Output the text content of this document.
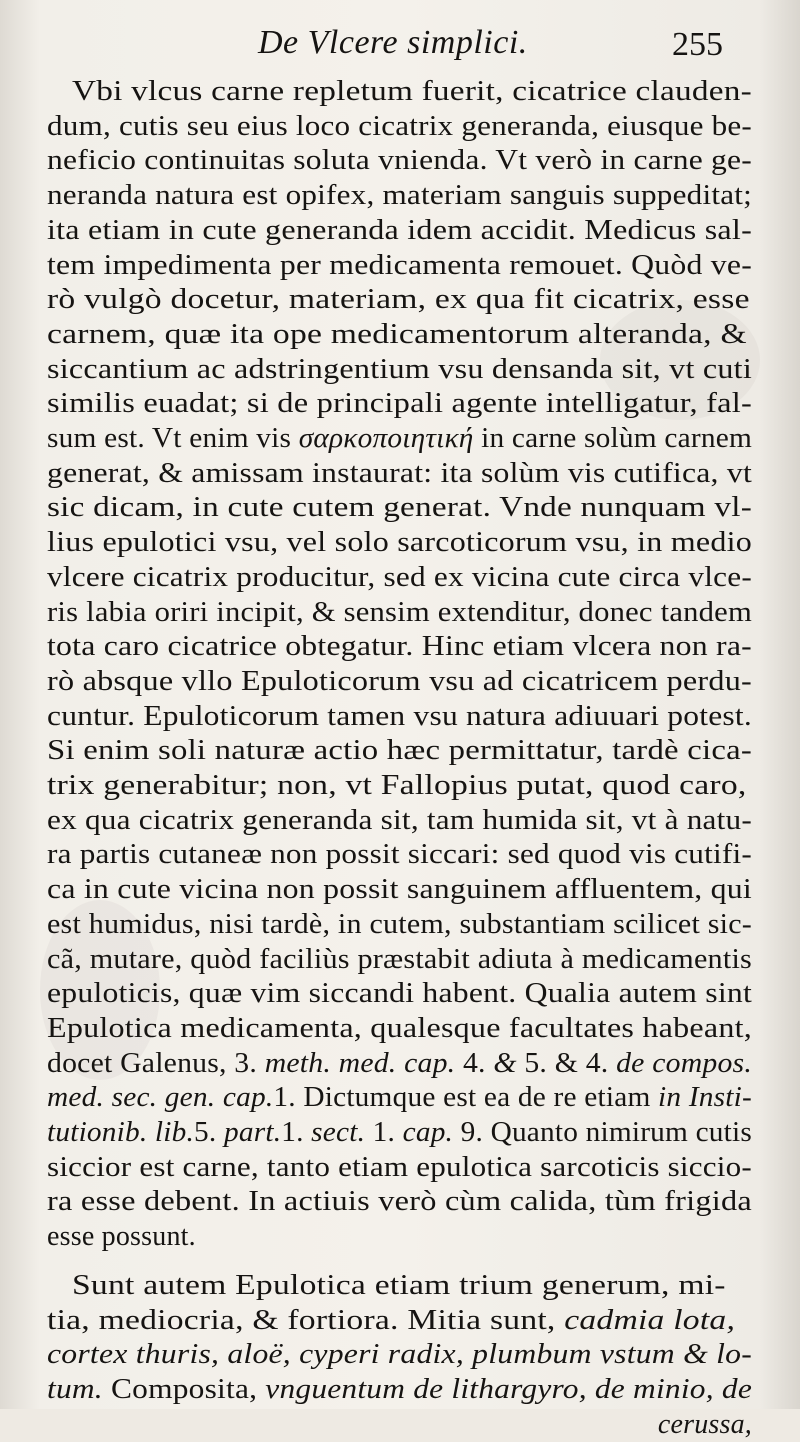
De Vlcere simplici.	255
Vbi vlcus carne repletum fuerit, cicatrice clauden-
dum, cutis seu eius loco cicatrix generanda, eiusque be-
neficio continuitas soluta vnienda. Vt verò in carne ge-
neranda natura est opifex, materiam sanguis suppeditat;
ita etiam in cute generanda idem accidit. Medicus sal-
tem impedimenta per medicamenta remouet. Quòd ve-
rò vulgò docetur, materiam, ex qua fit cicatrix, esse
carnem, quæ ita ope medicamentorum alteranda, &
siccantium ac adstringentium vsu densanda sit, vt cuti
similis euadat; si de principali agente intelligatur, fal-
sum est. Vt enim vis σαρκοποιητική in carne solùm carnem
generat, & amissam instaurat: ita solùm vis cutifica, vt
sic dicam, in cute cutem generat. Vnde nunquam vl-
lius epulotici vsu, vel solo sarcoticorum vsu, in medio
vlcere cicatrix producitur, sed ex vicina cute circa vlce-
ris labia oriri incipit, & sensim extenditur, donec tandem
tota caro cicatrice obtegatur. Hinc etiam vlcera non ra-
rò absque vllo Epuloticorum vsu ad cicatricem perdu-
cuntur. Epuloticorum tamen vsu natura adiuuari potest.
Si enim soli naturæ actio hæc permittatur, tardè cica-
trix generabitur; non, vt Fallopius putat, quod caro,
ex qua cicatrix generanda sit, tam humida sit, vt à natu-
ra partis cutaneæ non possit siccari: sed quod vis cutifi-
ca in cute vicina non possit sanguinem affluentem, qui
est humidus, nisi tardè, in cutem, substantiam scilicet sic-
cã, mutare, quòd faciliùs præstabit adiuta à medicamentis
epuloticis, quæ vim siccandi habent. Qualia autem sint
Epulotica medicamenta, qualesque facultates habeant,
docet Galenus, 3. meth. med. cap. 4. & 5. & 4. de compos.
med. sec. gen. cap.1. Dictumque est ea de re etiam in Insti-
tutionib. lib.5. part.1. sect. 1. cap. 9. Quanto nimirum cutis
siccior est carne, tanto etiam epulotica sarcoticis siccio-
ra esse debent. In actiuis verò cùm calida, tùm frigida
esse possunt.
Sunt autem Epulotica etiam trium generum, mi-
tia, mediocria, & fortiora. Mitia sunt, cadmia lota,
cortex thuris, aloë, cyperi radix, plumbum vstum & lo-
tum. Composita, vnguentum de lithargyro, de minio, de
cerussa,
